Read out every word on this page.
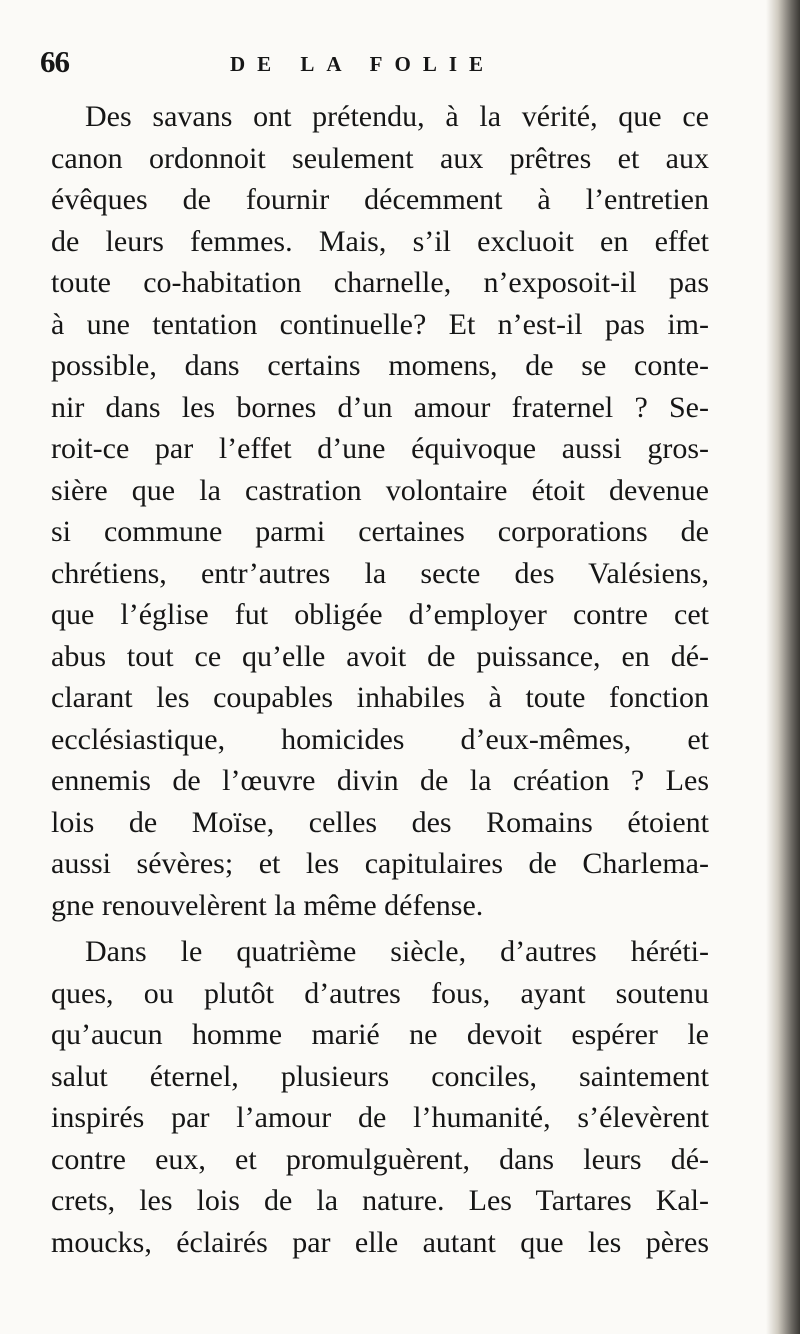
66	DE LA FOLIE
Des savans ont prétendu, à la vérité, que ce
canon ordonnoit seulement aux prêtres et aux
évêques de fournir décemment à l’entretien
de leurs femmes. Mais, s’il excluoit en effet
toute co-habitation charnelle, n’exposoit-il pas
à une tentation continuelle? Et n’est-il pas im-
possible, dans certains momens, de se conte-
nir dans les bornes d’un amour fraternel ? Se-
roit-ce par l’effet d’une équivoque aussi gros-
sière que la castration volontaire étoit devenue
si commune parmi certaines corporations de
chrétiens, entr’autres la secte des Valésiens,
que l’église fut obligée d’employer contre cet
abus tout ce qu’elle avoit de puissance, en dé-
clarant les coupables inhabiles à toute fonction
ecclésiastique, homicides d’eux-mêmes, et
ennemis de l’œuvre divin de la création ? Les
lois de Moïse, celles des Romains étoient
aussi sévères; et les capitulaires de Charlema-
gne renouvelèrent la même défense.
Dans le quatrième siècle, d’autres héréti-
ques, ou plutôt d’autres fous, ayant soutenu
qu’aucun homme marié ne devoit espérer le
salut éternel, plusieurs conciles, saintement
inspirés par l’amour de l’humanité, s’élevèrent
contre eux, et promulguèrent, dans leurs dé-
crets, les lois de la nature. Les Tartares Kal-
moucks, éclairés par elle autant que les pères
